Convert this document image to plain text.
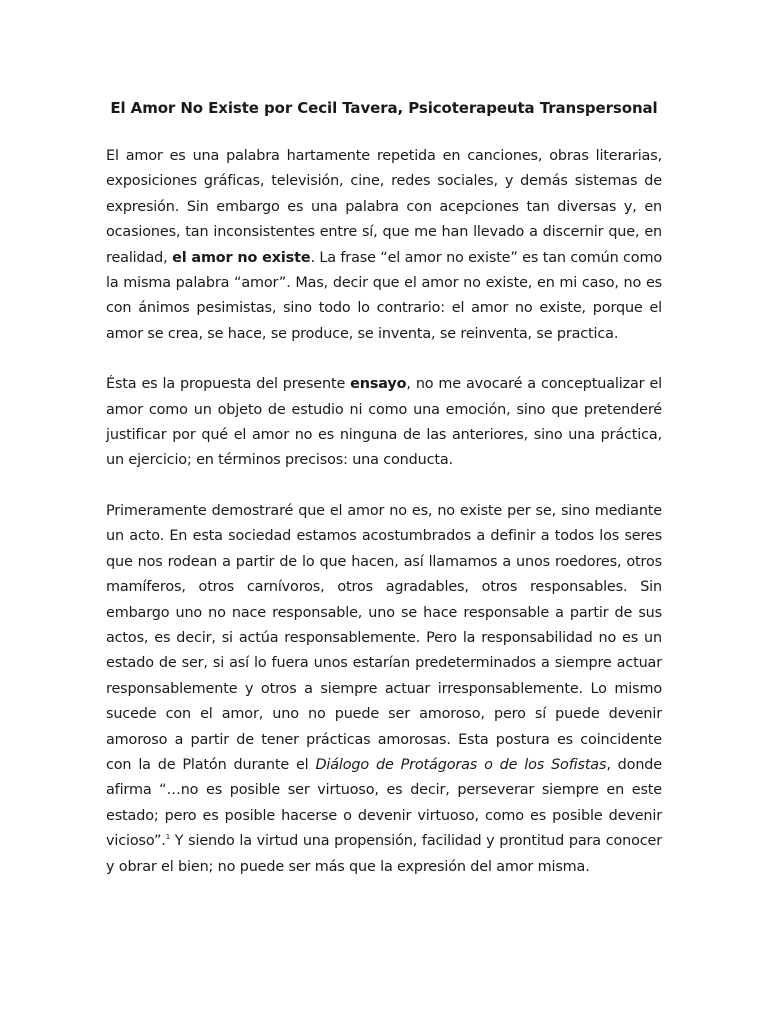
El Amor No Existe por Cecil Tavera, Psicoterapeuta Transpersonal

El amor es una palabra hartamente repetida en canciones, obras literarias, exposiciones gráficas, televisión, cine, redes sociales, y demás sistemas de expresión. Sin embargo es una palabra con acepciones tan diversas y, en ocasiones, tan inconsistentes entre sí, que me han llevado a discernir que, en realidad, el amor no existe. La frase “el amor no existe” es tan común como la misma palabra “amor”. Mas, decir que el amor no existe, en mi caso, no es con ánimos pesimistas, sino todo lo contrario: el amor no existe, porque el amor se crea, se hace, se produce, se inventa, se reinventa, se practica.

Ésta es la propuesta del presente ensayo, no me avocaré a conceptualizar el amor como un objeto de estudio ni como una emoción, sino que pretenderé justificar por qué el amor no es ninguna de las anteriores, sino una práctica, un ejercicio; en términos precisos: una conducta.

Primeramente demostraré que el amor no es, no existe per se, sino mediante un acto. En esta sociedad estamos acostumbrados a definir a todos los seres que nos rodean a partir de lo que hacen, así llamamos a unos roedores, otros mamíferos, otros carnívoros, otros agradables, otros responsables. Sin embargo uno no nace responsable, uno se hace responsable a partir de sus actos, es decir, si actúa responsablemente. Pero la responsabilidad no es un estado de ser, si así lo fuera unos estarían predeterminados a siempre actuar responsablemente y otros a siempre actuar irresponsablemente. Lo mismo sucede con el amor, uno no puede ser amoroso, pero sí puede devenir amoroso a partir de tener prácticas amorosas. Esta postura es coincidente con la de Platón durante el Diálogo de Protágoras o de los Sofistas, donde afirma “…no es posible ser virtuoso, es decir, perseverar siempre en este estado; pero es posible hacerse o devenir virtuoso, como es posible devenir vicioso”.$^1$ Y siendo la virtud una propensión, facilidad y prontitud para conocer y obrar el bien; no puede ser más que la expresión del amor misma.
